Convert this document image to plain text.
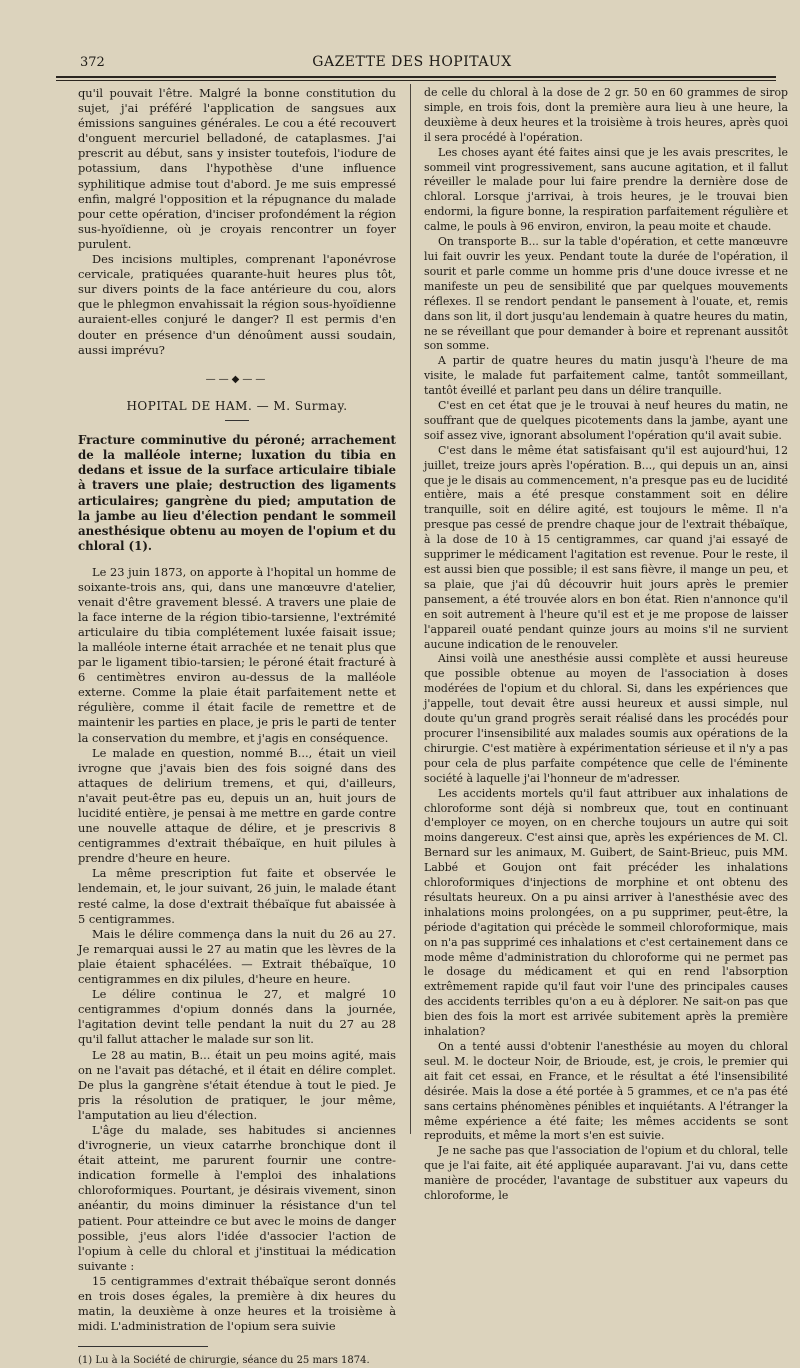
372	GAZETTE DES HOPITAUX

qu'il pouvait l'être. Malgré la bonne constitution du sujet, j'ai préféré l'application de sangsues aux émissions sanguines générales. Le cou a été recouvert d'onguent mercuriel belladoné, de cataplasmes. J'ai prescrit au début, sans y insister toutefois, l'iodure de potassium, dans l'hypothèse d'une influence syphilitique admise tout d'abord. Je me suis empressé enfin, malgré l'opposition et la répugnance du malade pour cette opération, d'inciser profondément la région sus-hyoïdienne, où je croyais rencontrer un foyer purulent.

Des incisions multiples, comprenant l'aponévrose cervicale, pratiquées quarante-huit heures plus tôt, sur divers points de la face antérieure du cou, alors que le phlegmon envahissait la région sous-hyoïdienne auraient-elles conjuré le danger? Il est permis d'en douter en présence d'un dénoûment aussi soudain, aussi imprévu?

——◆——
HOPITAL DE HAM. — M. Surmay.

Fracture comminutive du péroné; arrachement de la malléole interne; luxation du tibia en dedans et issue de la surface articulaire tibiale à travers une plaie; destruction des ligaments articulaires; gangrène du pied; amputation de la jambe au lieu d'élection pendant le sommeil anesthésique obtenu au moyen de l'opium et du chloral (1).

Le 23 juin 1873, on apporte à l'hopital un homme de soixante-trois ans, qui, dans une manœuvre d'atelier, venait d'être gravement blessé. A travers une plaie de la face interne de la région tibio-tarsienne, l'extrémité articulaire du tibia complétement luxée faisait issue; la malléole interne était arrachée et ne tenait plus que par le ligament tibio-tarsien; le péroné était fracturé à 6 centimètres environ au-dessus de la malléole externe. Comme la plaie était parfaitement nette et régulière, comme il était facile de remettre et de maintenir les parties en place, je pris le parti de tenter la conservation du membre, et j'agis en conséquence.

Le malade en question, nommé B..., était un vieil ivrogne que j'avais bien des fois soigné dans des attaques de delirium tremens, et qui, d'ailleurs, n'avait peut-être pas eu, depuis un an, huit jours de lucidité entière, je pensai à me mettre en garde contre une nouvelle attaque de délire, et je prescrivis 8 centigrammes d'extrait thébaïque, en huit pilules à prendre d'heure en heure.

La même prescription fut faite et observée le lendemain, et, le jour suivant, 26 juin, le malade étant resté calme, la dose d'extrait thébaïque fut abaissée à 5 centigrammes.

Mais le délire commença dans la nuit du 26 au 27. Je remarquai aussi le 27 au matin que les lèvres de la plaie étaient sphacélées. — Extrait thébaïque, 10 centigrammes en dix pilules, d'heure en heure.

Le délire continua le 27, et malgré 10 centigrammes d'opium donnés dans la journée, l'agitation devint telle pendant la nuit du 27 au 28 qu'il fallut attacher le malade sur son lit.

Le 28 au matin, B... était un peu moins agité, mais on ne l'avait pas détaché, et il était en délire complet. De plus la gangrène s'était étendue à tout le pied. Je pris la résolution de pratiquer, le jour même, l'amputation au lieu d'élection.

L'âge du malade, ses habitudes si anciennes d'ivrognerie, un vieux catarrhe bronchique dont il était atteint, me parurent fournir une contre-indication formelle à l'emploi des inhalations chloroformiques. Pourtant, je désirais vivement, sinon anéantir, du moins diminuer la résistance d'un tel patient. Pour atteindre ce but avec le moins de danger possible, j'eus alors l'idée d'associer l'action de l'opium à celle du chloral et j'instituai la médication suivante :

15 centigrammes d'extrait thébaïque seront donnés en trois doses égales, la première à dix heures du matin, la deuxième à onze heures et la troisième à midi. L'administration de l'opium sera suivie

(1) Lu à la Société de chirurgie, séance du 25 mars 1874.

de celle du chloral à la dose de 2 gr. 50 en 60 grammes de sirop simple, en trois fois, dont la première aura lieu à une heure, la deuxième à deux heures et la troisième à trois heures, après quoi il sera procédé à l'opération.

Les choses ayant été faites ainsi que je les avais prescrites, le sommeil vint progressivement, sans aucune agitation, et il fallut réveiller le malade pour lui faire prendre la dernière dose de chloral. Lorsque j'arrivai, à trois heures, je le trouvai bien endormi, la figure bonne, la respiration parfaitement régulière et calme, le pouls à 96 environ, environ, la peau moite et chaude.

On transporte B... sur la table d'opération, et cette manœuvre lui fait ouvrir les yeux. Pendant toute la durée de l'opération, il sourit et parle comme un homme pris d'une douce ivresse et ne manifeste un peu de sensibilité que par quelques mouvements réflexes. Il se rendort pendant le pansement à l'ouate, et, remis dans son lit, il dort jusqu'au lendemain à quatre heures du matin, ne se réveillant que pour demander à boire et reprenant aussitôt son somme.

A partir de quatre heures du matin jusqu'à l'heure de ma visite, le malade fut parfaitement calme, tantôt sommeillant, tantôt éveillé et parlant peu dans un délire tranquille.

C'est en cet état que je le trouvai à neuf heures du matin, ne souffrant que de quelques picotements dans la jambe, ayant une soif assez vive, ignorant absolument l'opération qu'il avait subie.

C'est dans le même état satisfaisant qu'il est aujourd'hui, 12 juillet, treize jours après l'opération. B..., qui depuis un an, ainsi que je le disais au commencement, n'a presque pas eu de lucidité entière, mais a été presque constamment soit en délire tranquille, soit en délire agité, est toujours le même. Il n'a presque pas cessé de prendre chaque jour de l'extrait thébaïque, à la dose de 10 à 15 centigrammes, car quand j'ai essayé de supprimer le médicament l'agitation est revenue. Pour le reste, il est aussi bien que possible; il est sans fièvre, il mange un peu, et sa plaie, que j'ai dû découvrir huit jours après le premier pansement, a été trouvée alors en bon état. Rien n'annonce qu'il en soit autrement à l'heure qu'il est et je me propose de laisser l'appareil ouaté pendant quinze jours au moins s'il ne survient aucune indication de le renouveler.

Ainsi voilà une anesthésie aussi complète et aussi heureuse que possible obtenue au moyen de l'association à doses modérées de l'opium et du chloral. Si, dans les expériences que j'appelle, tout devait être aussi heureux et aussi simple, nul doute qu'un grand progrès serait réalisé dans les procédés pour procurer l'insensibilité aux malades soumis aux opérations de la chirurgie. C'est matière à expérimentation sérieuse et il n'y a pas pour cela de plus parfaite compétence que celle de l'éminente société à laquelle j'ai l'honneur de m'adresser.

Les accidents mortels qu'il faut attribuer aux inhalations de chloroforme sont déjà si nombreux que, tout en continuant d'employer ce moyen, on en cherche toujours un autre qui soit moins dangereux. C'est ainsi que, après les expériences de M. Cl. Bernard sur les animaux, M. Guibert, de Saint-Brieuc, puis MM. Labbé et Goujon ont fait précéder les inhalations chloroformiques d'injections de morphine et ont obtenu des résultats heureux. On a pu ainsi arriver à l'anesthésie avec des inhalations moins prolongées, on a pu supprimer, peut-être, la période d'agitation qui précède le sommeil chloroformique, mais on n'a pas supprimé ces inhalations et c'est certainement dans ce mode même d'administration du chloroforme qui ne permet pas le dosage du médicament et qui en rend l'absorption extrêmement rapide qu'il faut voir l'une des principales causes des accidents terribles qu'on a eu à déplorer. Ne sait-on pas que bien des fois la mort est arrivée subitement après la première inhalation?

On a tenté aussi d'obtenir l'anesthésie au moyen du chloral seul. M. le docteur Noir, de Brioude, est, je crois, le premier qui ait fait cet essai, en France, et le résultat a été l'insensibilité désirée. Mais la dose a été portée à 5 grammes, et ce n'a pas été sans certains phénomènes pénibles et inquiétants. A l'étranger la même expérience a été faite; les mêmes accidents se sont reproduits, et même la mort s'en est suivie.

Je ne sache pas que l'association de l'opium et du chloral, telle que je l'ai faite, ait été appliquée auparavant. J'ai vu, dans cette manière de procéder, l'avantage de substituer aux vapeurs du chloroforme, le
